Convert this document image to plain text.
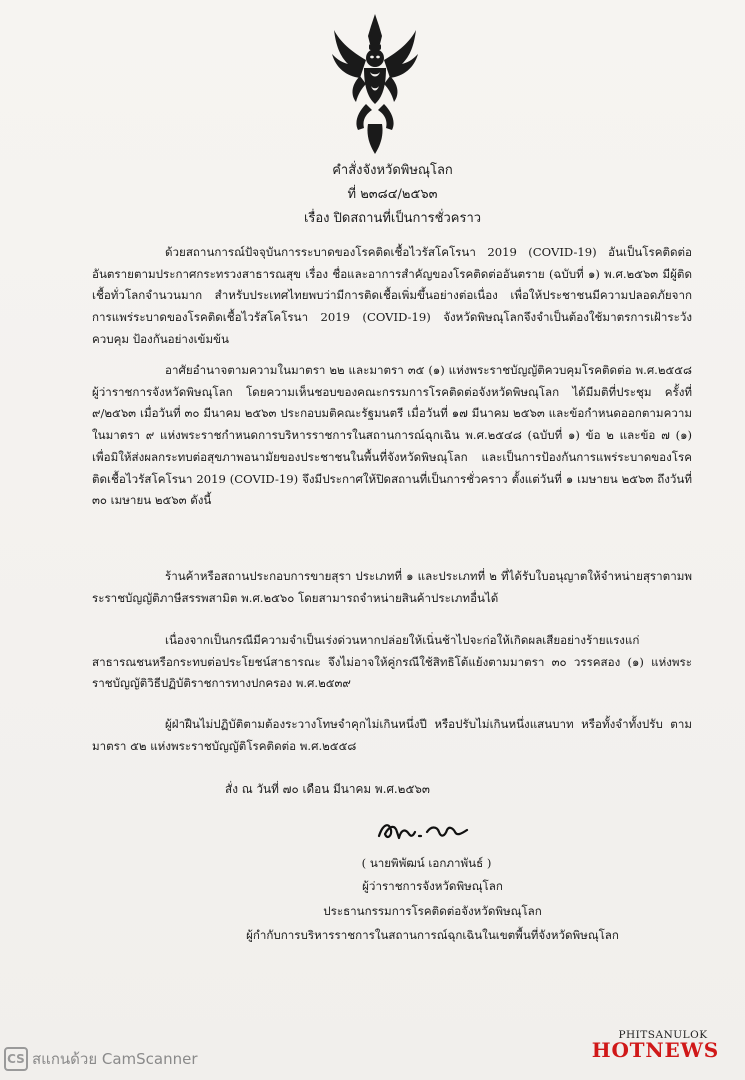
คำสั่งจังหวัดพิษณุโลก
ที่ ๒๓๘๔/๒๕๖๓
เรื่อง ปิดสถานที่เป็นการชั่วคราว
ด้วยสถานการณ์ปัจจุบันการระบาดของโรคติดเชื้อไวรัสโคโรนา 2019 (COVID-19) อันเป็นโรคติดต่ออันตรายตามประกาศกระทรวงสาธารณสุข เรื่อง ชื่อและอาการสำคัญของโรคติดต่ออันตราย (ฉบับที่ ๑) พ.ศ.๒๕๖๓ มีผู้ติดเชื้อทั่วโลกจำนวนมาก สำหรับประเทศไทยพบว่ามีการติดเชื้อเพิ่มขึ้นอย่างต่อเนื่อง เพื่อให้ประชาชนมีความปลอดภัยจากการแพร่ระบาดของโรคติดเชื้อไวรัสโคโรนา 2019 (COVID-19) จังหวัดพิษณุโลกจึงจำเป็นต้องใช้มาตรการเฝ้าระวัง ควบคุม ป้องกันอย่างเข้มข้น
อาศัยอำนาจตามความในมาตรา ๒๒ และมาตรา ๓๕ (๑) แห่งพระราชบัญญัติควบคุมโรคติดต่อ พ.ศ.๒๕๕๘ ผู้ว่าราชการจังหวัดพิษณุโลก โดยความเห็นชอบของคณะกรรมการโรคติดต่อจังหวัดพิษณุโลก ได้มีมติที่ประชุม ครั้งที่ ๙/๒๕๖๓ เมื่อวันที่ ๓๐ มีนาคม ๒๕๖๓ ประกอบมติคณะรัฐมนตรี เมื่อวันที่ ๑๗ มีนาคม ๒๕๖๓ และข้อกำหนดออกตามความในมาตรา ๙ แห่งพระราชกำหนดการบริหารราชการในสถานการณ์ฉุกเฉิน พ.ศ.๒๕๔๘ (ฉบับที่ ๑) ข้อ ๒ และข้อ ๗ (๑) เพื่อมิให้ส่งผลกระทบต่อสุขภาพอนามัยของประชาชนในพื้นที่จังหวัดพิษณุโลก และเป็นการป้องกันการแพร่ระบาดของโรคติดเชื้อไวรัสโคโรนา 2019 (COVID-19) จึงมีประกาศให้ปิดสถานที่เป็นการชั่วคราว ตั้งแต่วันที่ ๑ เมษายน ๒๕๖๓ ถึงวันที่ ๓๐ เมษายน ๒๕๖๓ ดังนี้
ร้านค้าหรือสถานประกอบการขายสุรา ประเภทที่ ๑ และประเภทที่ ๒ ที่ได้รับใบอนุญาตให้จำหน่ายสุราตามพระราชบัญญัติภาษีสรรพสามิต พ.ศ.๒๕๖๐ โดยสามารถจำหน่ายสินค้าประเภทอื่นได้
เนื่องจากเป็นกรณีมีความจำเป็นเร่งด่วนหากปล่อยให้เนิ่นช้าไปจะก่อให้เกิดผลเสียอย่างร้ายแรงแก่สาธารณชนหรือกระทบต่อประโยชน์สาธารณะ จึงไม่อาจให้คู่กรณีใช้สิทธิโต้แย้งตามมาตรา ๓๐ วรรคสอง (๑) แห่งพระราชบัญญัติวิธีปฏิบัติราชการทางปกครอง พ.ศ.๒๕๓๙
ผู้ฝ่าฝืนไม่ปฏิบัติตามต้องระวางโทษจำคุกไม่เกินหนึ่งปี หรือปรับไม่เกินหนึ่งแสนบาท หรือทั้งจำทั้งปรับ ตามมาตรา ๕๒ แห่งพระราชบัญญัติโรคติดต่อ พ.ศ.๒๕๕๘
สั่ง ณ วันที่ ๗๐ เดือน มีนาคม พ.ศ.๒๕๖๓
( นายพิพัฒน์ เอกภาพันธ์ )
ผู้ว่าราชการจังหวัดพิษณุโลก
ประธานกรรมการโรคติดต่อจังหวัดพิษณุโลก
ผู้กำกับการบริหารราชการในสถานการณ์ฉุกเฉินในเขตพื้นที่จังหวัดพิษณุโลก
CS สแกนด้วย CamScanner
PHITSANULOK
HOTNEWS
